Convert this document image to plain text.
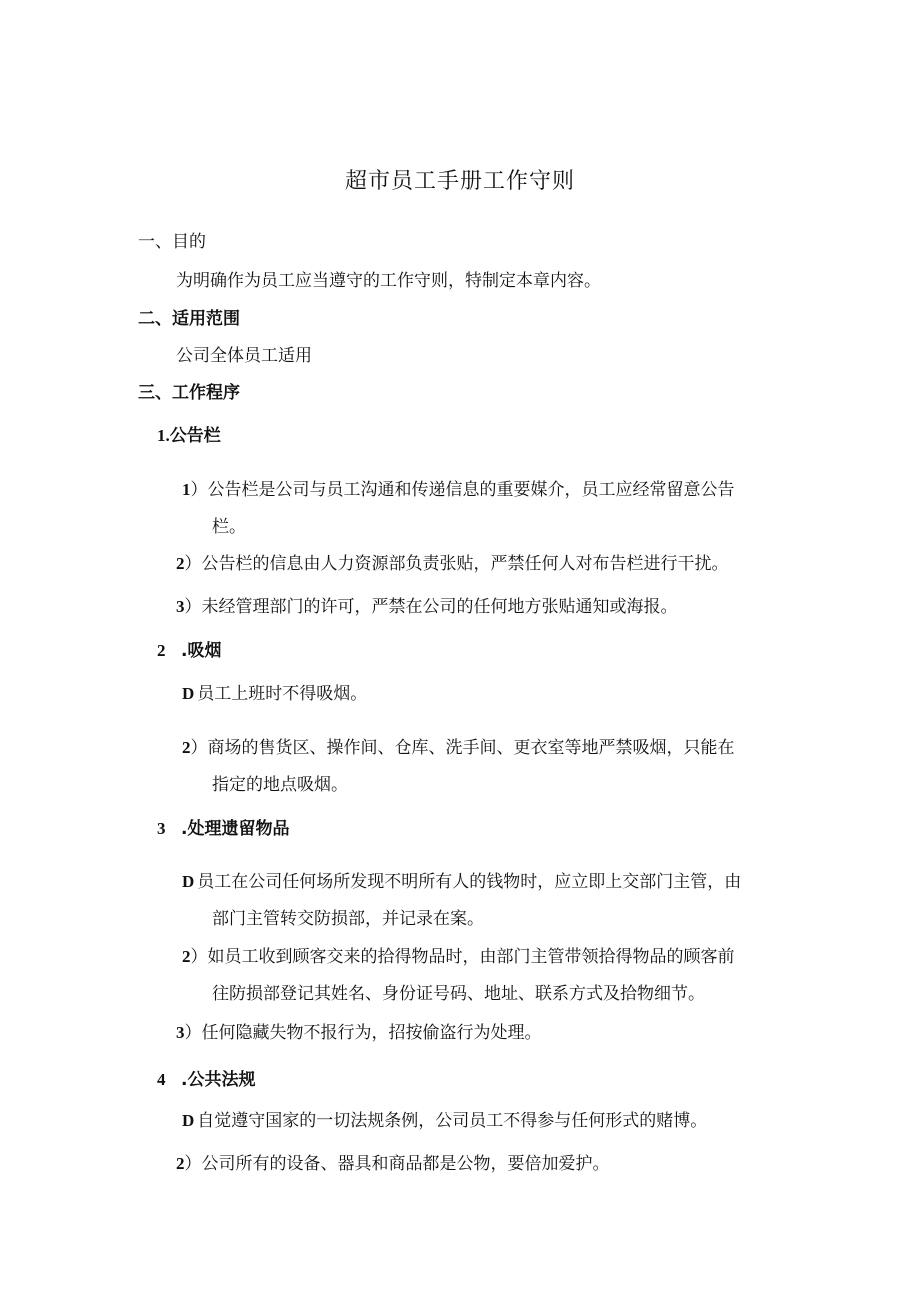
超市员工手册工作守则
一、目的
为明确作为员工应当遵守的工作守则，特制定本章内容。
二、适用范围
公司全体员工适用
三、工作程序
1.公告栏
1）公告栏是公司与员工沟通和传递信息的重要媒介，员工应经常留意公告
栏。
2）公告栏的信息由人力资源部负责张贴，严禁任何人对布告栏进行干扰。
3）未经管理部门的许可，严禁在公司的任何地方张贴通知或海报。
2 .吸烟
D 员工上班时不得吸烟。
2）商场的售货区、操作间、仓库、洗手间、更衣室等地严禁吸烟，只能在
指定的地点吸烟。
3 .处理遗留物品
D 员工在公司任何场所发现不明所有人的钱物时，应立即上交部门主管，由
部门主管转交防损部，并记录在案。
2）如员工收到顾客交来的拾得物品时，由部门主管带领拾得物品的顾客前
往防损部登记其姓名、身份证号码、地址、联系方式及拾物细节。
3）任何隐藏失物不报行为，招按偷盗行为处理。
4 .公共法规
D 自觉遵守国家的一切法规条例，公司员工不得参与任何形式的赌博。
2）公司所有的设备、器具和商品都是公物，要倍加爱护。
